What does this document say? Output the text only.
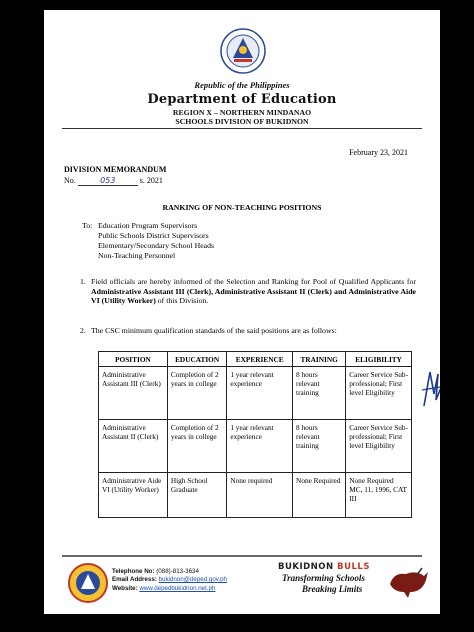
Republic of the Philippines
Department of Education
REGION X – NORTHERN MINDANAO
SCHOOLS DIVISION OF BUKIDNON
February 23, 2021
DIVISION MEMORANDUM
No.	053	s. 2021
RANKING OF NON-TEACHING POSITIONS
To: Education Program Supervisors
Public Schools District Supervisors
Elementary/Secondary School Heads
Non-Teaching Personnel
1. Field officials are hereby informed of the Selection and Ranking for Pool of Qualified Applicants for Administrative Assistant III (Clerk), Administrative Assistant II (Clerk) and Administrative Aide VI (Utility Worker) of this Division.
2. The CSC minimum qualification standards of the said positions are as follows:
POSITION	EDUCATION	EXPERIENCE	TRAINING	ELIGIBILITY
Administrative Assistant III (Clerk)	Completion of 2 years in college	1 year relevant experience	8 hours relevant training	Career Service Sub-professional; First level Eligibility
Administrative Assistant II (Clerk)	Completion of 2 years in college	1 year relevant experience	8 hours relevant training	Career Service Sub-professional; First level Eligibility
Administrative Aide VI (Utility Worker)	High School Graduate	None required	None Required	None Required MC, 11, 1996, CAT III
Telephone No: (088)-813-3634
Email Address: bukidnon@deped.gov.ph
Website: www.depedbukidnon.net.ph
BUKIDNON BULLS
Transforming Schools
Breaking Limits
